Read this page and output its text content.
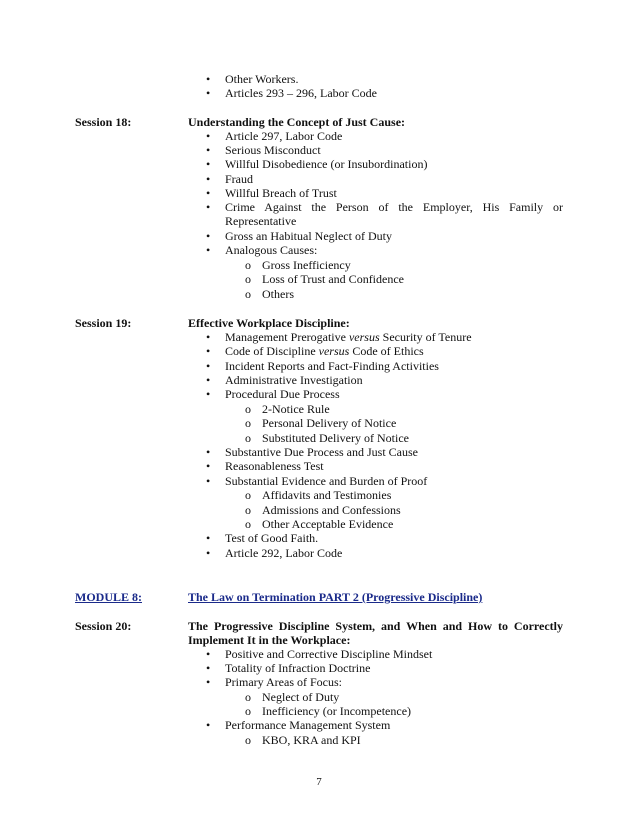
• Other Workers.
• Articles 293 – 296, Labor Code
Session 18:	Understanding the Concept of Just Cause:
• Article 297, Labor Code
• Serious Misconduct
• Willful Disobedience (or Insubordination)
• Fraud
• Willful Breach of Trust
• Crime Against the Person of the Employer, His Family or
Representative
• Gross an Habitual Neglect of Duty
• Analogous Causes:
o Gross Inefficiency
o Loss of Trust and Confidence
o Others
Session 19:	Effective Workplace Discipline:
• Management Prerogative versus Security of Tenure
• Code of Discipline versus Code of Ethics
• Incident Reports and Fact-Finding Activities
• Administrative Investigation
• Procedural Due Process
o 2-Notice Rule
o Personal Delivery of Notice
o Substituted Delivery of Notice
• Substantive Due Process and Just Cause
• Reasonableness Test
• Substantial Evidence and Burden of Proof
o Affidavits and Testimonies
o Admissions and Confessions
o Other Acceptable Evidence
• Test of Good Faith.
• Article 292, Labor Code
MODULE 8:	The Law on Termination PART 2 (Progressive Discipline)
Session 20:	The Progressive Discipline System, and When and How to Correctly
Implement It in the Workplace:
• Positive and Corrective Discipline Mindset
• Totality of Infraction Doctrine
• Primary Areas of Focus:
o Neglect of Duty
o Inefficiency (or Incompetence)
• Performance Management System
o KBO, KRA and KPI
7
